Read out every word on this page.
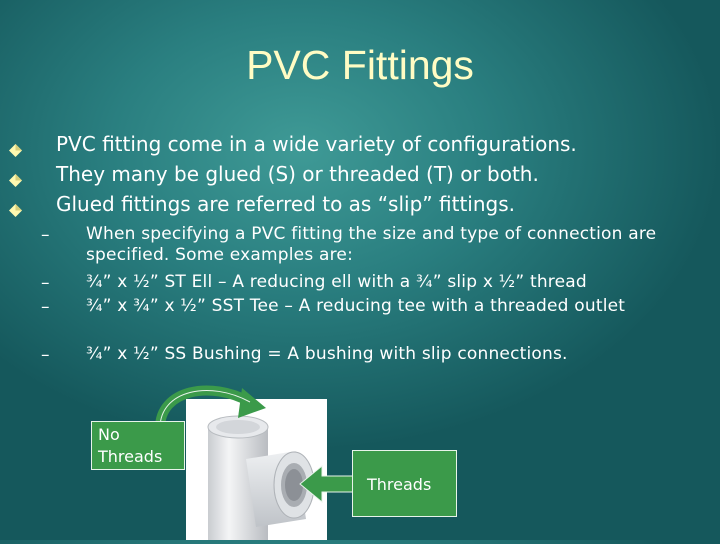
PVC Fittings
PVC fitting come in a wide variety of configurations.
They many be glued (S) or threaded (T) or both.
Glued fittings are referred to as “slip” fittings.
–
–
–
–
When specifying a PVC fitting the size and type of connection are specified. Some examples are:
¾” x ½” ST Ell – A reducing ell with a ¾” slip x ½” thread
¾” x ¾” x ½” SST Tee – A reducing tee with a threaded outlet
¾” x ½” SS Bushing = A bushing with slip connections.
No Threads
Threads
